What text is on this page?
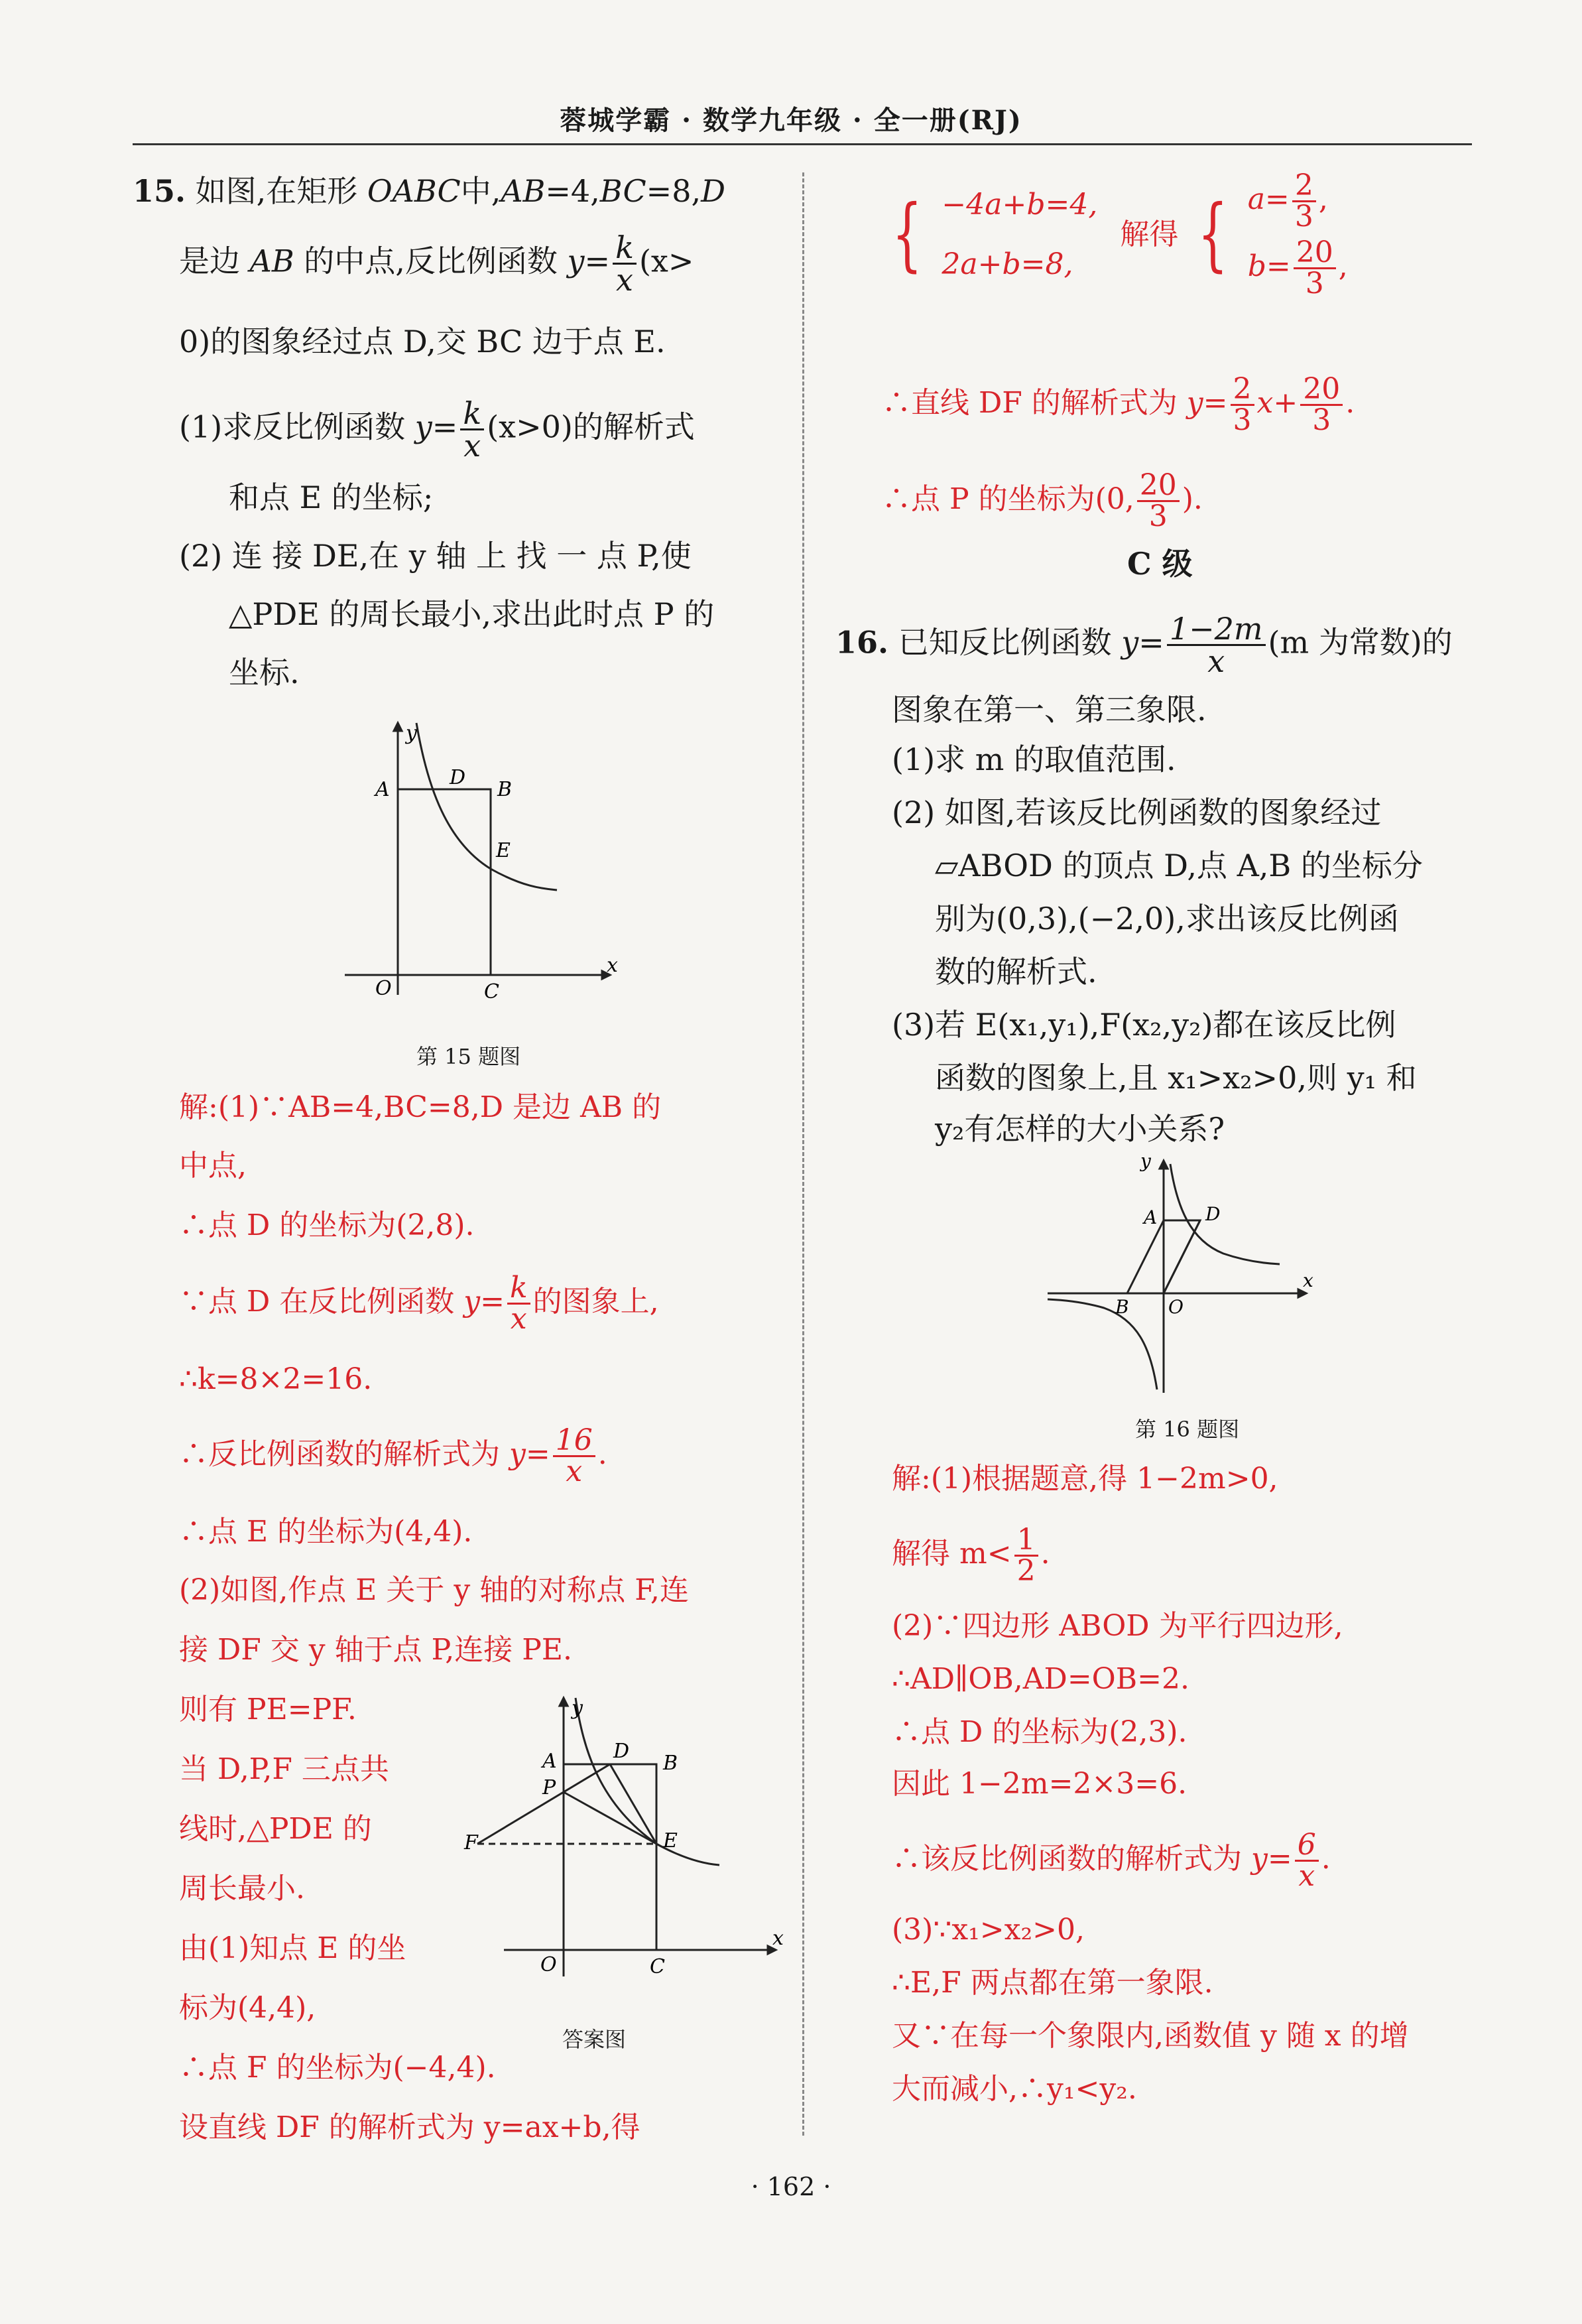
蓉城学霸 · 数学九年级 · 全一册(RJ)
15. 如图,在矩形 OABC中,AB=4,BC=8,D
是边 AB 的中点,反比例函数 $y= \frac{k}{x} (x>$
0)的图象经过点 D,交 BC 边于点 E.
(1)求反比例函数 $y= \frac{k}{x} (x>0)$的解析式
和点 E 的坐标;
(2) 连 接 DE,在 y 轴 上 找 一 点 P,使
△PDE 的周长最小,求出此时点 P 的
坐标.
y
x
O
A	B
C
D
E
第 15 题图
解:(1)∵AB=4,BC=8,D 是边 AB 的
中点,
∴点 D 的坐标为(2,8).
∵点 D 在反比例函数 $y= \frac{k}{x}$ 的图象上,
∴k=8×2=16.
∴反比例函数的解析式为 $y= \frac{16}{x}$ .
∴点 E 的坐标为(4,4).
(2)如图,作点 E 关于 y 轴的对称点 F,连
接 DF 交 y 轴于点 P,连接 PE.
则有 PE=PF.
当 D,P,F 三点共
线时,△PDE 的
周长最小.
由(1)知点 E 的坐
标为(4,4),
∴点 F 的坐标为(−4,4).
设直线 DF 的解析式为 y=ax+b,得
y
x
O
A	B
C
D
E
F
P
答案图
{ −4a+b=4,
2a+b=8,
解得 { $a= \frac{2}{3}$ ,
$b= \frac{20}{3}$ ,
∴直线 DF 的解析式为 $y= \frac{2}{3} x+ \frac{20}{3}$ .
∴点 P 的坐标为(0, $\frac{20}{3}$ ).
C 级
16. 已知反比例函数 $y= \frac{1-2m}{x} (m$ 为常数)的
图象在第一、第三象限.
(1)求 m 的取值范围.
(2) 如图,若该反比例函数的图象经过
▱ABOD 的顶点 D,点 A,B 的坐标分
别为(0,3),(−2,0),求出该反比例函
数的解析式.
(3)若 E(x₁,y₁),F(x₂,y₂)都在该反比例
函数的图象上,且 x₁>x₂>0,则 y₁ 和
y₂有怎样的大小关系?
y
x
O
A
B
D
第 16 题图
解:(1)根据题意,得 1−2m>0,
解得 $m< \frac{1}{2}$ .
(2)∵四边形 ABOD 为平行四边形,
∴AD∥OB,AD=OB=2.
∴点 D 的坐标为(2,3).
因此 1−2m=2×3=6.
∴该反比例函数的解析式为 $y= \frac{6}{x}$ .
(3)∵x₁>x₂>0,
∴E,F 两点都在第一象限.
又∵在每一个象限内,函数值 y 随 x 的增
大而减小,∴y₁<y₂.
· 162 ·
